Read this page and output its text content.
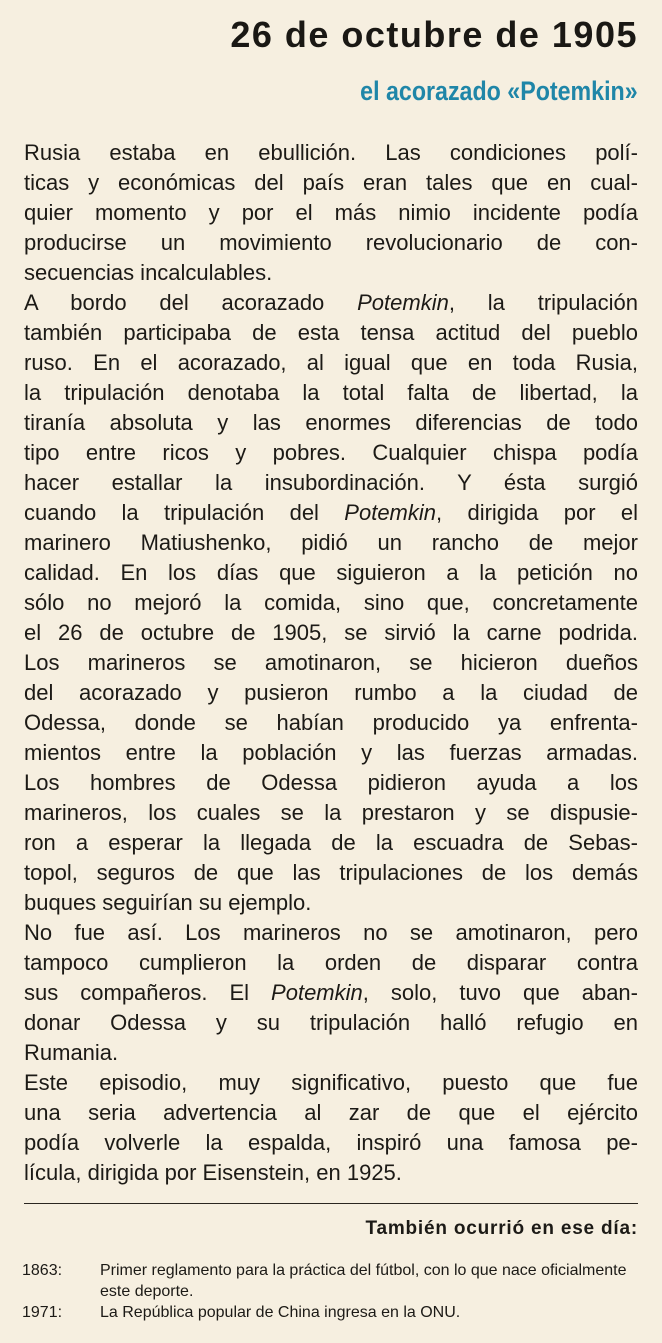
26 de octubre de 1905
el acorazado «Potemkin»
Rusia estaba en ebullición. Las condiciones polí-
ticas y económicas del país eran tales que en cual-
quier momento y por el más nimio incidente podía
producirse un movimiento revolucionario de con-
secuencias incalculables.
A bordo del acorazado Potemkin, la tripulación
también participaba de esta tensa actitud del pueblo
ruso. En el acorazado, al igual que en toda Rusia,
la tripulación denotaba la total falta de libertad, la
tiranía absoluta y las enormes diferencias de todo
tipo entre ricos y pobres. Cualquier chispa podía
hacer estallar la insubordinación. Y ésta surgió
cuando la tripulación del Potemkin, dirigida por el
marinero Matiushenko, pidió un rancho de mejor
calidad. En los días que siguieron a la petición no
sólo no mejoró la comida, sino que, concretamente
el 26 de octubre de 1905, se sirvió la carne podrida.
Los marineros se amotinaron, se hicieron dueños
del acorazado y pusieron rumbo a la ciudad de
Odessa, donde se habían producido ya enfrenta-
mientos entre la población y las fuerzas armadas.
Los hombres de Odessa pidieron ayuda a los
marineros, los cuales se la prestaron y se dispusie-
ron a esperar la llegada de la escuadra de Sebas-
topol, seguros de que las tripulaciones de los demás
buques seguirían su ejemplo.
No fue así. Los marineros no se amotinaron, pero
tampoco cumplieron la orden de disparar contra
sus compañeros. El Potemkin, solo, tuvo que aban-
donar Odessa y su tripulación halló refugio en
Rumania.
Este episodio, muy significativo, puesto que fue
una seria advertencia al zar de que el ejército
podía volverle la espalda, inspiró una famosa pe-
lícula, dirigida por Eisenstein, en 1925.
También ocurrió en ese día:
1863:	Primer reglamento para la práctica del fútbol, con lo que nace oficialmente este deporte.
1971:	La República popular de China ingresa en la ONU.
